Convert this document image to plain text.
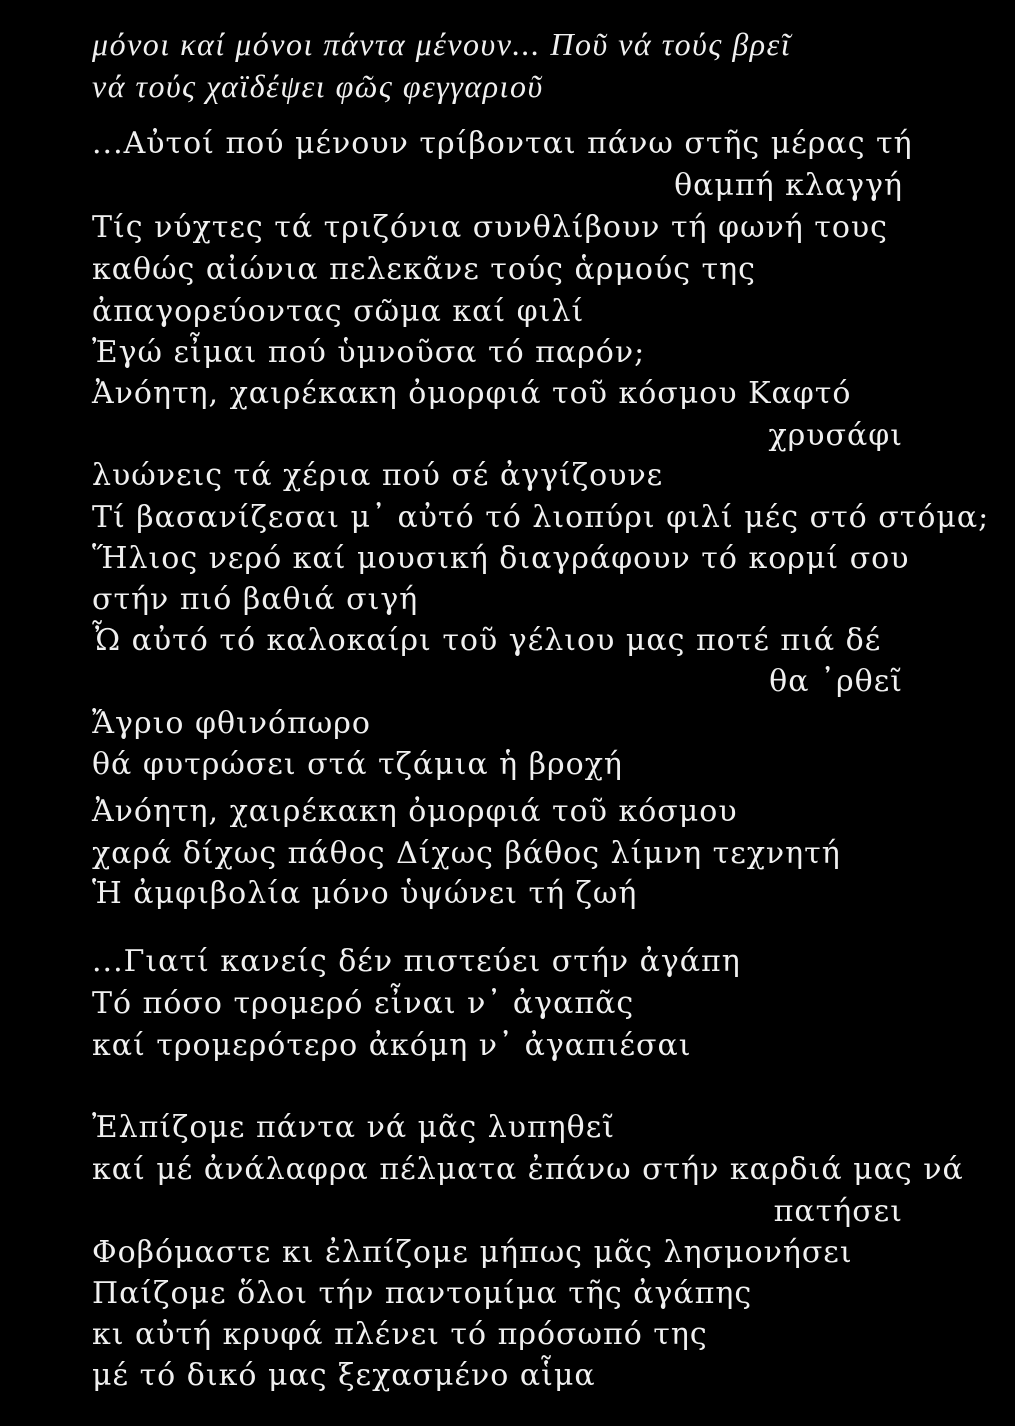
μόνοι καί μόνοι πάντα μένουν... Ποῦ νά τούς βρεῖ
νά τούς χαϊδέψει φῶς φεγγαριοῦ
...Αὐτοί πού μένουν τρίβονται πάνω στῆς μέρας τή
θαμπή κλαγγή
Τίς νύχτες τά τριζόνια συνθλίβουν τή φωνή τους
καθώς αἰώνια πελεκᾶνε τούς ἁρμούς της
ἀπαγορεύοντας σῶμα καί φιλί
Ἐγώ εἶμαι πού ὑμνοῦσα τό παρόν;
Ἀνόητη, χαιρέκακη ὀμορφιά τοῦ κόσμου Καφτό
χρυσάφι
λυώνεις τά χέρια πού σέ ἀγγίζουνε
Τί βασανίζεσαι μ᾽ αὐτό τό λιοπύρι φιλί μές στό στόμα;
Ἥλιος νερό καί μουσική διαγράφουν τό κορμί σου
στήν πιό βαθιά σιγή
Ὦ αὐτό τό καλοκαίρι τοῦ γέλιου μας ποτέ πιά δέ
θα ᾽ρθεῖ
Ἄγριο φθινόπωρο
θά φυτρώσει στά τζάμια ἡ βροχή
Ἀνόητη, χαιρέκακη ὀμορφιά τοῦ κόσμου
χαρά δίχως πάθος Δίχως βάθος λίμνη τεχνητή
Ἡ ἀμφιβολία μόνο ὑψώνει τή ζωή
...Γιατί κανείς δέν πιστεύει στήν ἀγάπη
Τό πόσο τρομερό εἶναι ν᾽ ἀγαπᾶς
καί τρομερότερο ἀκόμη ν᾽ ἀγαπιέσαι
Ἐλπίζομε πάντα νά μᾶς λυπηθεῖ
καί μέ ἀνάλαφρα πέλματα ἐπάνω στήν καρδιά μας νά
πατήσει
Φοβόμαστε κι ἐλπίζομε μήπως μᾶς λησμονήσει
Παίζομε ὅλοι τήν παντομίμα τῆς ἀγάπης
κι αὐτή κρυφά πλένει τό πρόσωπό της
μέ τό δικό μας ξεχασμένο αἷμα
